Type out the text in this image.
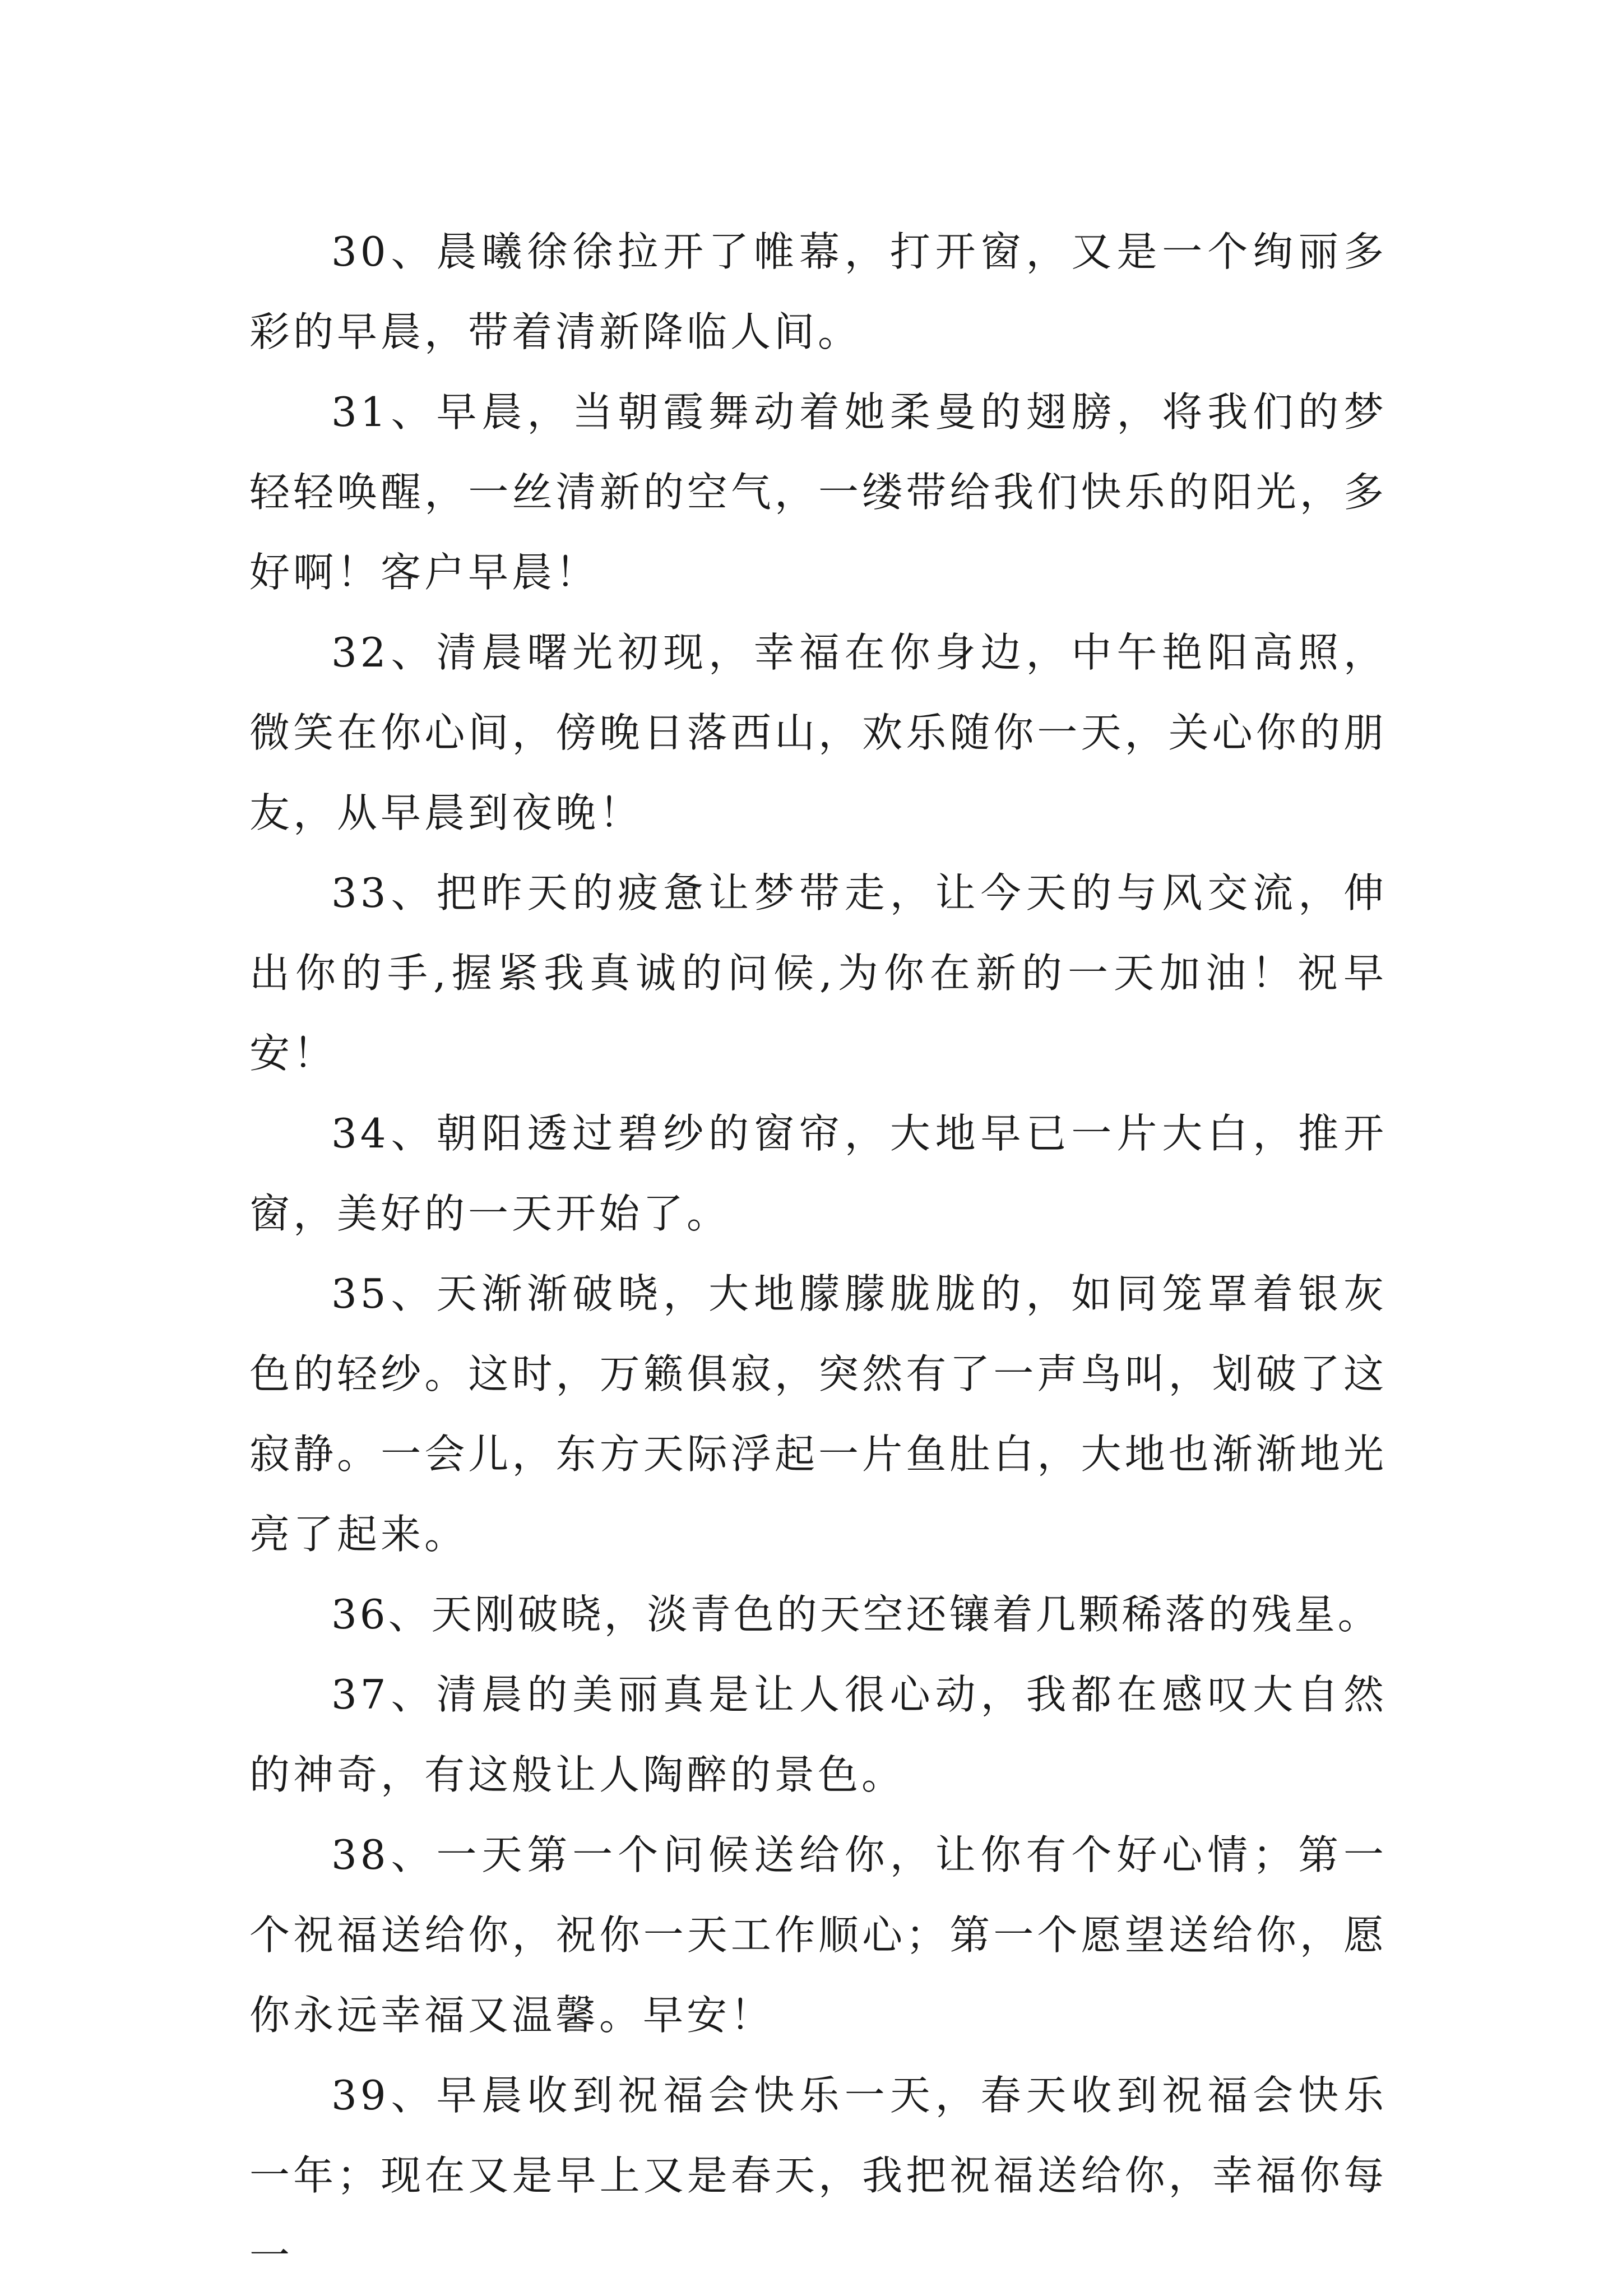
30、晨曦徐徐拉开了帷幕，打开窗，又是一个绚丽多彩的早晨，带着清新降临人间。

31、早晨，当朝霞舞动着她柔曼的翅膀，将我们的梦轻轻唤醒，一丝清新的空气，一缕带给我们快乐的阳光，多好啊！客户早晨！

32、清晨曙光初现，幸福在你身边，中午艳阳高照，微笑在你心间，傍晚日落西山，欢乐随你一天，关心你的朋友，从早晨到夜晚！

33、把昨天的疲惫让梦带走，让今天的与风交流，伸出你的手,握紧我真诚的问候,为你在新的一天加油！祝早安！

34、朝阳透过碧纱的窗帘，大地早已一片大白，推开窗，美好的一天开始了。

35、天渐渐破晓，大地朦朦胧胧的，如同笼罩着银灰色的轻纱。这时，万籁俱寂，突然有了一声鸟叫，划破了这寂静。一会儿，东方天际浮起一片鱼肚白，大地也渐渐地光亮了起来。

36、天刚破晓，淡青色的天空还镶着几颗稀落的残星。

37、清晨的美丽真是让人很心动，我都在感叹大自然的神奇，有这般让人陶醉的景色。

38、一天第一个问候送给你，让你有个好心情；第一个祝福送给你，祝你一天工作顺心；第一个愿望送给你，愿你永远幸福又温馨。早安！

39、早晨收到祝福会快乐一天，春天收到祝福会快乐一年；现在又是早上又是春天，我把祝福送给你，幸福你每一
